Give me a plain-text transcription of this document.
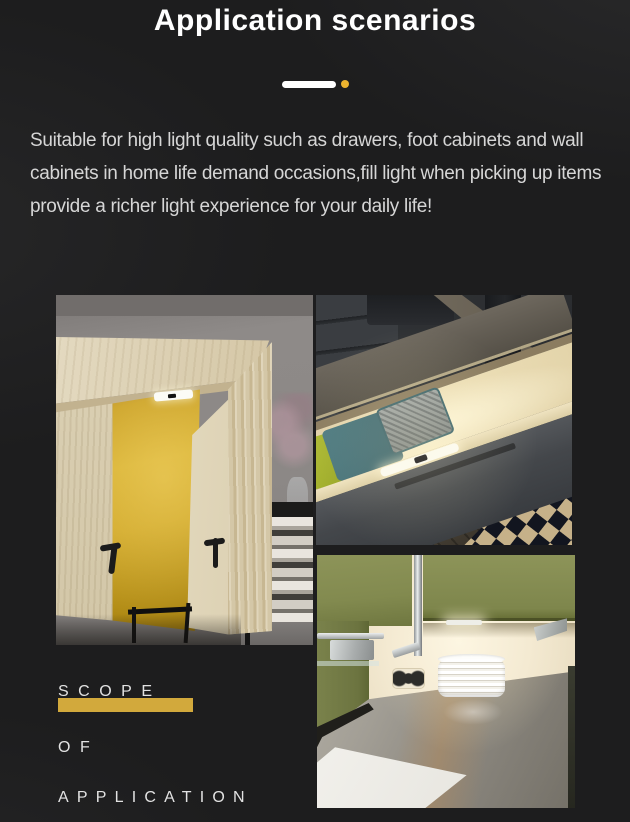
Application scenarios

Suitable for high light quality such as drawers, foot cabinets and wall cabinets in home life demand occasions,fill light when picking up items provide a richer light experience for your daily life!

SCOPE
OF
APPLICATION
